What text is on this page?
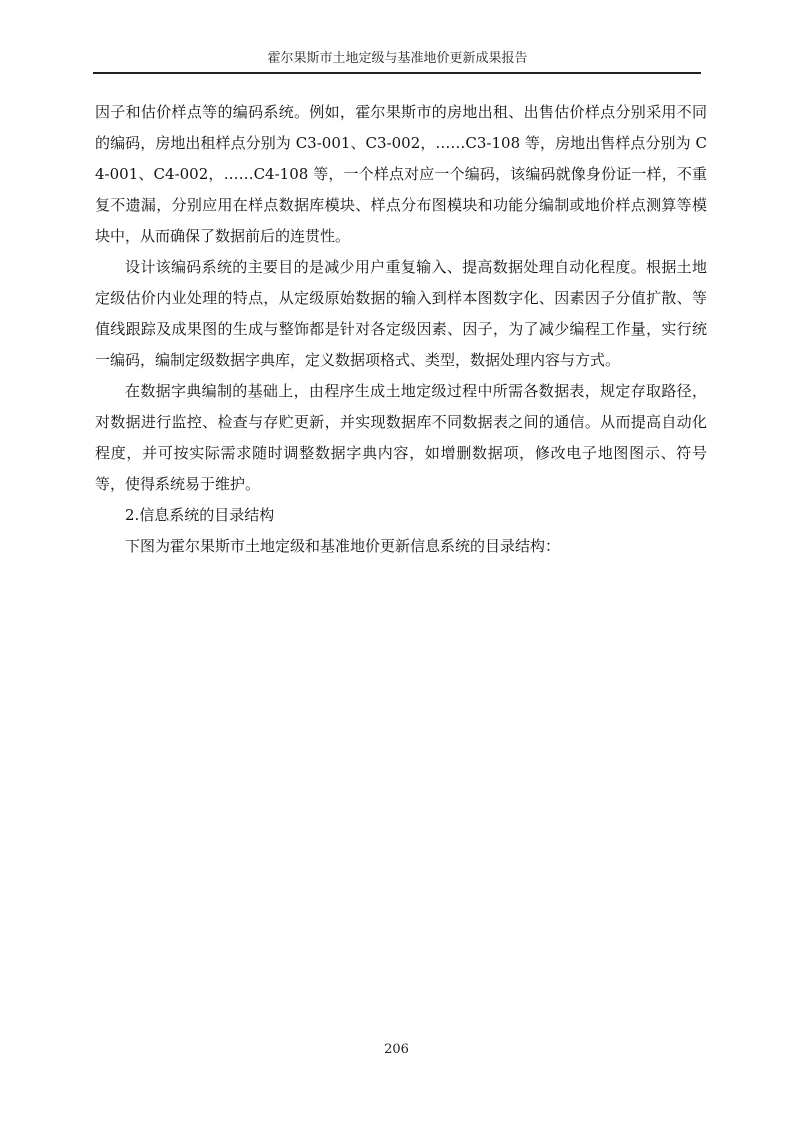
霍尔果斯市土地定级与基准地价更新成果报告

因子和估价样点等的编码系统。例如，霍尔果斯市的房地出租、出售估价样点分别采用不同的编码，房地出租样点分别为 C3-001、C3-002，……C3-108 等，房地出售样点分别为 C4-001、C4-002，……C4-108 等，一个样点对应一个编码，该编码就像身份证一样，不重复不遗漏，分别应用在样点数据库模块、样点分布图模块和功能分编制或地价样点测算等模块中，从而确保了数据前后的连贯性。

设计该编码系统的主要目的是减少用户重复输入、提高数据处理自动化程度。根据土地定级估价内业处理的特点，从定级原始数据的输入到样本图数字化、因素因子分值扩散、等值线跟踪及成果图的生成与整饰都是针对各定级因素、因子，为了减少编程工作量，实行统一编码，编制定级数据字典库，定义数据项格式、类型，数据处理内容与方式。

在数据字典编制的基础上，由程序生成土地定级过程中所需各数据表，规定存取路径，对数据进行监控、检查与存贮更新，并实现数据库不同数据表之间的通信。从而提高自动化程度，并可按实际需求随时调整数据字典内容，如增删数据项，修改电子地图图示、符号等，使得系统易于维护。

2.信息系统的目录结构

下图为霍尔果斯市土地定级和基准地价更新信息系统的目录结构：

206
